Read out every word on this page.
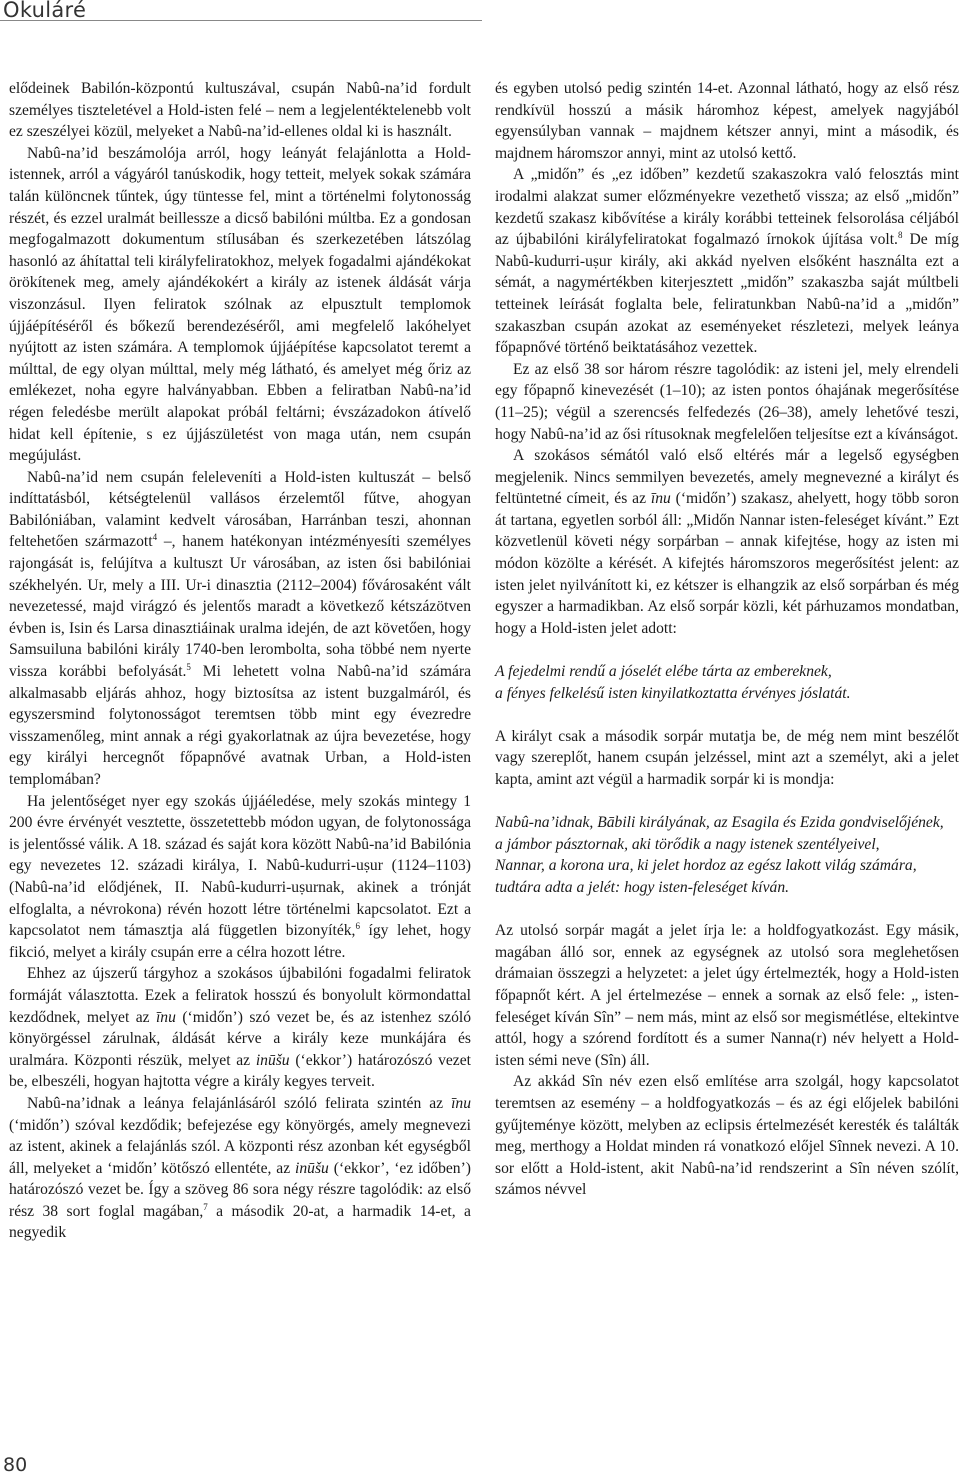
Okuláré

elődeinek Babilón-központú kultuszával, csupán Nabû-na’id fordult személyes tiszteletével a Hold-isten felé – nem a legjelentéktelenebb volt ez szeszélyei közül, melyeket a Nabû-na’id-ellenes oldal ki is használt.

Nabû-na’id beszámolója arról, hogy leányát felajánlotta a Hold-istennek, arról a vágyáról tanúskodik, hogy tetteit, melyek sokak számára talán különcnek tűntek, úgy tüntesse fel, mint a történelmi folytonosság részét, és ezzel uralmát beillessze a dicső babilóni múltba. Ez a gondosan megfogalmazott dokumentum stílusában és szerkezetében látszólag hasonló az áhítattal teli királyfeliratokhoz, melyek fogadalmi ajándékokat örökítenek meg, amely ajándékokért a király az istenek áldását várja viszonzásul. Ilyen feliratok szólnak az elpusztult templomok újjáépítéséről és bőkezű berendezéséről, ami megfelelő lakóhelyet nyújtott az isten számára. A templomok újjáépítése kapcsolatot teremt a múlttal, de egy olyan múlttal, mely még látható, és amelyet még őriz az emlékezet, noha egyre halványabban. Ebben a feliratban Nabû-na’id régen feledésbe merült alapokat próbál feltárni; évszázadokon átívelő hidat kell építenie, s ez újjászületést von maga után, nem csupán megújulást.

Nabû-na’id nem csupán feleleveníti a Hold-isten kultuszát – belső indíttatásból, kétségtelenül vallásos érzelemtől fűtve, ahogyan Babilóniában, valamint kedvelt városában, Harránban teszi, ahonnan feltehetően származott$^4$ –, hanem hatékonyan intézményesíti személyes rajongását is, felújítva a kultuszt Ur városában, az isten ősi babilóniai székhelyén. Ur, mely a III. Ur-i dinasztia (2112–2004) fővárosaként vált nevezetessé, majd virágzó és jelentős maradt a következő kétszázötven évben is, Isin és Larsa dinasztiáinak uralma idején, de azt követően, hogy Samsuiluna babilóni király 1740-ben lerombolta, soha többé nem nyerte vissza korábbi befolyását.$^5$ Mi lehetett volna Nabû-na’id számára alkalmasabb eljárás ahhoz, hogy biztosítsa az istent buzgalmáról, és egyszersmind folytonosságot teremtsen több mint egy évezredre visszamenőleg, mint annak a régi gyakorlatnak az újra bevezetése, hogy egy királyi hercegnőt főpapnővé avatnak Urban, a Hold-isten templomában?

Ha jelentőséget nyer egy szokás újjáéledése, mely szokás mintegy 1 200 évre érvényét vesztette, összetettebb módon ugyan, de folytonossága is jelentőssé válik. A 18. század és saját kora között Nabû-na’id Babilónia egy nevezetes 12. századi királya, I. Nabû-kudurri-uṣur (1124–1103) (Nabû-na’id elődjének, II. Nabû-kudurri-uṣurnak, akinek a trónját elfoglalta, a névrokona) révén hozott létre történelmi kapcsolatot. Ezt a kapcsolatot nem támasztja alá független bizonyíték,$^6$ így lehet, hogy fikció, melyet a király csupán erre a célra hozott létre.

Ehhez az újszerű tárgyhoz a szokásos újbabilóni fogadalmi feliratok formáját választotta. Ezek a feliratok hosszú és bonyolult körmondattal kezdődnek, melyet az īnu (‘midőn’) szó vezet be, és az istenhez szóló könyörgéssel zárulnak, áldását kérve a király keze munkájára és uralmára. Központi részük, melyet az inūšu (‘ekkor’) határozószó vezet be, elbeszéli, hogyan hajtotta végre a király kegyes terveit.

Nabû-na’idnak a leánya felajánlásáról szóló felirata szintén az īnu (‘midőn’) szóval kezdődik; befejezése egy könyörgés, amely megnevezi az istent, akinek a felajánlás szól. A központi rész azonban két egységből áll, melyeket a ‘midőn’ kötőszó ellentéte, az inūšu (‘ekkor’, ‘ez időben’) határozószó vezet be. Így a szöveg 86 sora négy részre tagolódik: az első rész 38 sort foglal magában,$^7$ a második 20-at, a harmadik 14-et, a negyedik

és egyben utolsó pedig szintén 14-et. Azonnal látható, hogy az első rész rendkívül hosszú a másik háromhoz képest, amelyek nagyjából egyensúlyban vannak – majdnem kétszer annyi, mint a második, és majdnem háromszor annyi, mint az utolsó kettő.

A „midőn” és „ez időben” kezdetű szakaszokra való felosztás mint irodalmi alakzat sumer előzményekre vezethető vissza; az első „midőn” kezdetű szakasz kibővítése a király korábbi tetteinek felsorolása céljából az újbabilóni királyfeliratokat fogalmazó írnokok újítása volt.$^8$ De míg Nabû-kudurri-uṣur király, aki akkád nyelven elsőként használta ezt a sémát, a nagymértékben kiterjesztett „midőn” szakaszba saját múltbeli tetteinek leírását foglalta bele, feliratunkban Nabû-na’id a „midőn” szakaszban csupán azokat az eseményeket részletezi, melyek leánya főpapnővé történő beiktatásához vezettek.

Ez az első 38 sor három részre tagolódik: az isteni jel, mely elrendeli egy főpapnő kinevezését (1–10); az isten pontos óhajának megerősítése (11–25); végül a szerencsés felfedezés (26–38), amely lehetővé teszi, hogy Nabû-na’id az ősi rítusoknak megfelelően teljesítse ezt a kívánságot.

A szokásos sémától való első eltérés már a legelső egységben megjelenik. Nincs semmilyen bevezetés, amely megnevezné a királyt és feltüntetné címeit, és az īnu (‘midőn’) szakasz, ahelyett, hogy több soron át tartana, egyetlen sorból áll: „Midőn Nannar isten-feleséget kívánt.” Ezt közvetlenül követi négy sorpárban – annak kifejtése, hogy az isten mi módon közölte a kérését. A kifejtés háromszoros megerősítést jelent: az isten jelet nyilvánított ki, ez kétszer is elhangzik az első sorpárban és még egyszer a harmadikban. Az első sorpár közli, két párhuzamos mondatban, hogy a Hold-isten jelet adott:

A fejedelmi rendű a jóselét elébe tárta az embereknek,
a fényes felkelésű isten kinyilatkoztatta érvényes jóslatát.

A királyt csak a második sorpár mutatja be, de még nem mint beszélőt vagy szereplőt, hanem csupán jelzéssel, mint azt a személyt, aki a jelet kapta, amint azt végül a harmadik sorpár ki is mondja:

Nabû-na’idnak, Bābili királyának, az Esagila és Ezida gondviselőjének,
a jámbor pásztornak, aki törődik a nagy istenek szentélyeivel,
Nannar, a korona ura, ki jelet hordoz az egész lakott világ számára,
tudtára adta a jelét: hogy isten-feleséget kíván.

Az utolsó sorpár magát a jelet írja le: a holdfogyatkozást. Egy másik, magában álló sor, ennek az egységnek az utolsó sora meglehetősen drámaian összegzi a helyzetet: a jelet úgy értelmezték, hogy a Hold-isten főpapnőt kért. A jel értelmezése – ennek a sornak az első fele: „ isten-feleséget kíván Sîn” – nem más, mint az első sor megismétlése, eltekintve attól, hogy a szórend fordított és a sumer Nanna(r) név helyett a Hold-isten sémi neve (Sîn) áll.

Az akkád Sîn név ezen első említése arra szolgál, hogy kapcsolatot teremtsen az esemény – a holdfogyatkozás – és az égi előjelek babilóni gyűjteménye között, melyben az eclipsis értelmezését keresték és találták meg, merthogy a Holdat minden rá vonatkozó előjel Sînnek nevezi. A 10. sor előtt a Hold-istent, akit Nabû-na’id rendszerint a Sîn néven szólít, számos névvel

80
